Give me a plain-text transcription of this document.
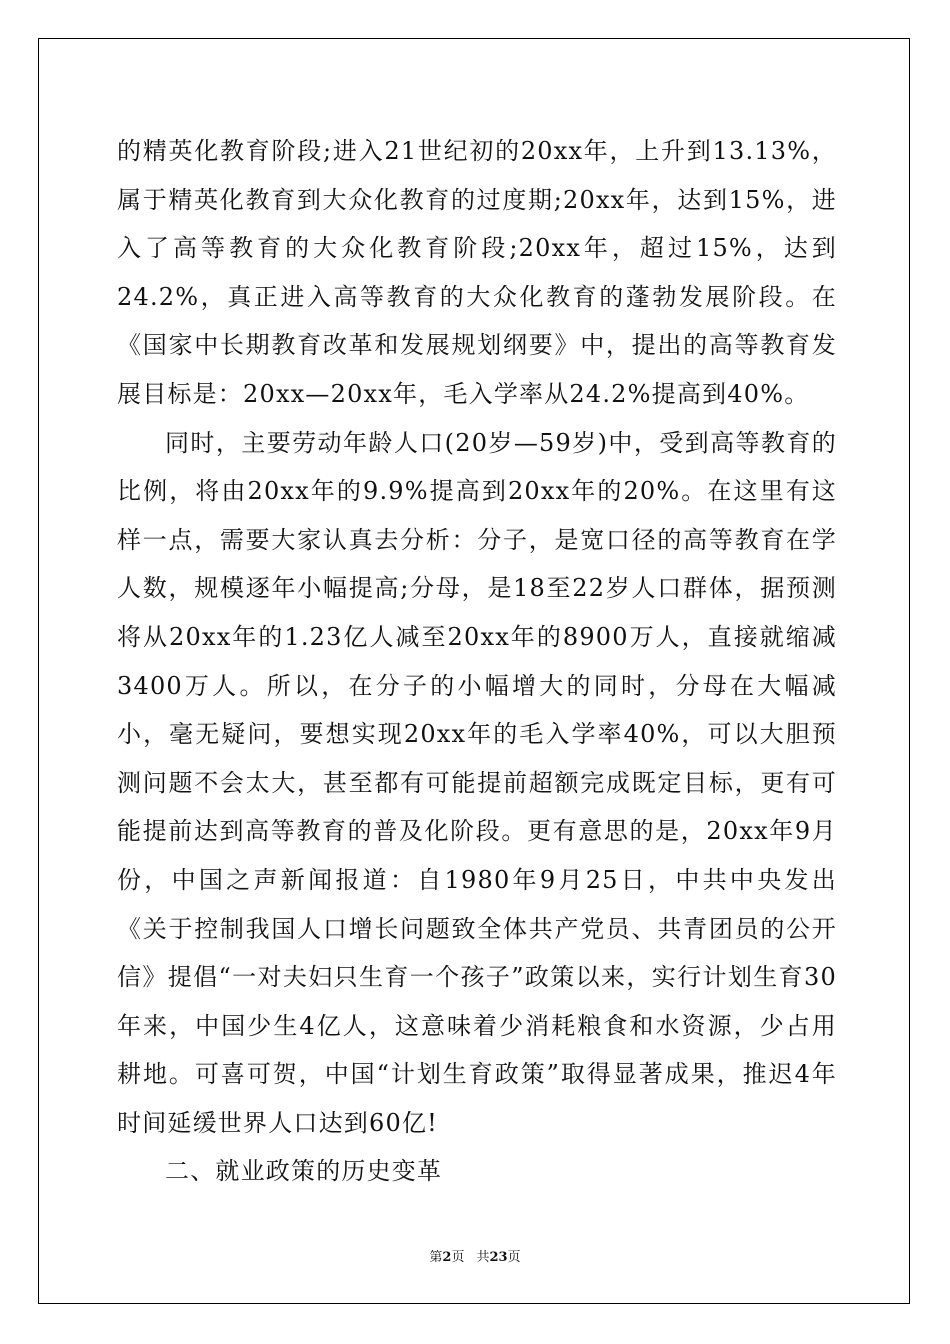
的精英化教育阶段;进入21世纪初的20xx年，上升到13.13%，属于精英化教育到大众化教育的过度期;20xx年，达到15%，进入了高等教育的大众化教育阶段;20xx年，超过15%，达到24.2%，真正进入高等教育的大众化教育的蓬勃发展阶段。在《国家中长期教育改革和发展规划纲要》中，提出的高等教育发展目标是：20xx—20xx年，毛入学率从24.2%提高到40%。

同时，主要劳动年龄人口(20岁—59岁)中，受到高等教育的比例，将由20xx年的9.9%提高到20xx年的20%。在这里有这样一点，需要大家认真去分析：分子，是宽口径的高等教育在学人数，规模逐年小幅提高;分母，是18至22岁人口群体，据预测将从20xx年的1.23亿人减至20xx年的8900万人，直接就缩减3400万人。所以，在分子的小幅增大的同时，分母在大幅减小，毫无疑问，要想实现20xx年的毛入学率40%，可以大胆预测问题不会太大，甚至都有可能提前超额完成既定目标，更有可能提前达到高等教育的普及化阶段。更有意思的是，20xx年9月份，中国之声新闻报道：自1980年9月25日，中共中央发出《关于控制我国人口增长问题致全体共产党员、共青团员的公开信》提倡“一对夫妇只生育一个孩子”政策以来，实行计划生育30年来，中国少生4亿人，这意味着少消耗粮食和水资源，少占用耕地。可喜可贺，中国“计划生育政策”取得显著成果，推迟4年时间延缓世界人口达到60亿!

二、就业政策的历史变革

第2页 共23页
